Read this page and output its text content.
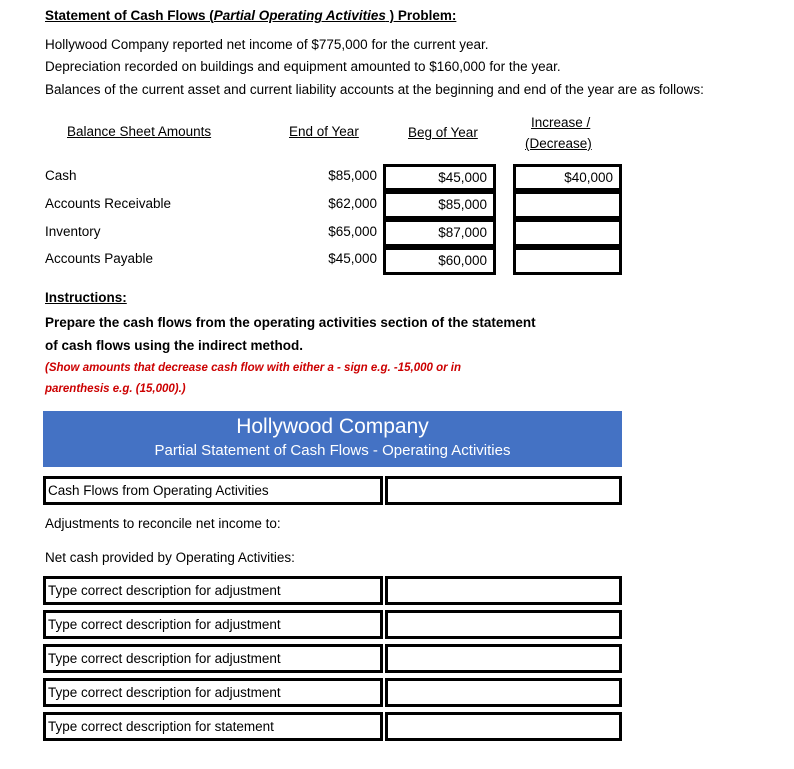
Statement of Cash Flows (Partial Operating Activities ) Problem:
Hollywood Company reported net income of $775,000 for the current year.
Depreciation recorded on buildings and equipment amounted to $160,000 for the year.
Balances of the current asset and current liability accounts at the beginning and end of the year are as follows:
Balance Sheet Amounts	End of Year	Beg of Year
Increase /
(Decrease)
Cash	$85,000	$45,000	$40,000
Accounts Receivable	$62,000	$85,000
Inventory	$65,000	$87,000
Accounts Payable	$45,000	$60,000
Instructions:
Prepare the cash flows from the operating activities section of the statement
of cash flows using the indirect method.
(Show amounts that decrease cash flow with either a - sign e.g. -15,000 or in
parenthesis e.g. (15,000).)
Hollywood Company
Partial Statement of Cash Flows - Operating Activities
Cash Flows from Operating Activities
Adjustments to reconcile net income to:
Net cash provided by Operating Activities:
Type correct description for adjustment
Type correct description for adjustment
Type correct description for adjustment
Type correct description for adjustment
Type correct description for statement
